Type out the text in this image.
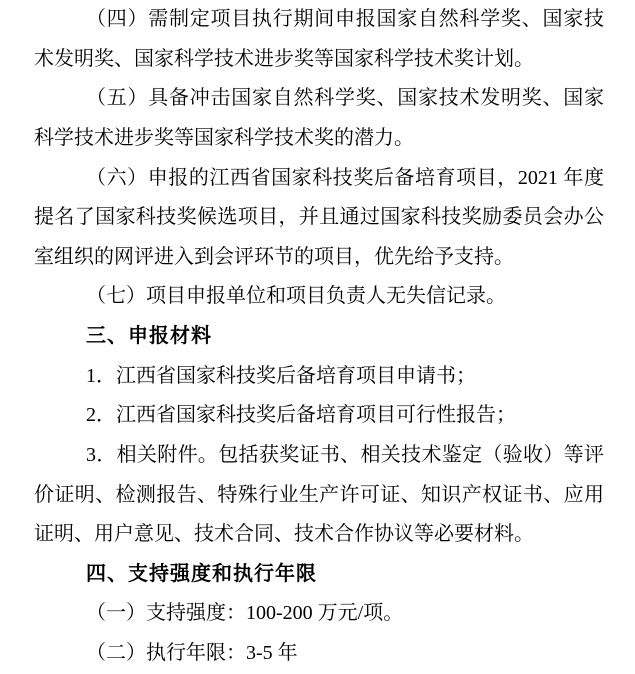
（四）需制定项目执行期间申报国家自然科学奖、国家技
术发明奖、国家科学技术进步奖等国家科学技术奖计划。
（五）具备冲击国家自然科学奖、国家技术发明奖、国家
科学技术进步奖等国家科学技术奖的潜力。
（六）申报的江西省国家科技奖后备培育项目，2021 年度
提名了国家科技奖候选项目，并且通过国家科技奖励委员会办公
室组织的网评进入到会评环节的项目，优先给予支持。
（七）项目申报单位和项目负责人无失信记录。
三、申报材料
1．江西省国家科技奖后备培育项目申请书；
2．江西省国家科技奖后备培育项目可行性报告；
3．相关附件。包括获奖证书、相关技术鉴定（验收）等评
价证明、检测报告、特殊行业生产许可证、知识产权证书、应用
证明、用户意见、技术合同、技术合作协议等必要材料。
四、支持强度和执行年限
（一）支持强度：100-200 万元/项。
（二）执行年限：3-5 年
